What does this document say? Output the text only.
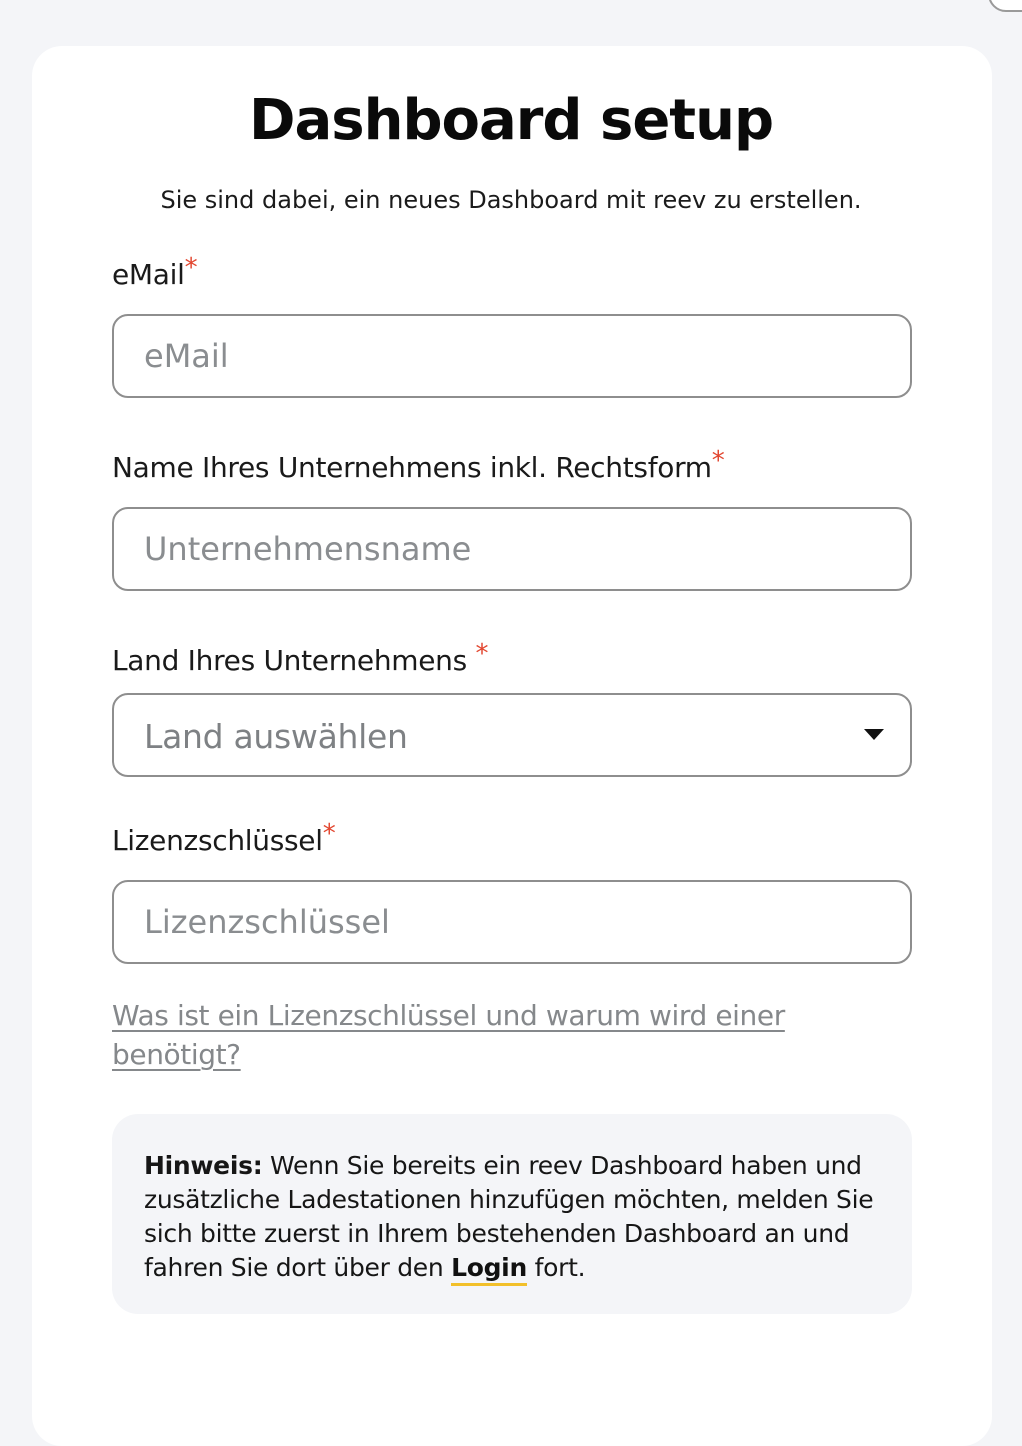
Dashboard setup
Sie sind dabei, ein neues Dashboard mit reev zu erstellen.
eMail*
eMail
Name Ihres Unternehmens inkl. Rechtsform*
Unternehmensname
Land Ihres Unternehmens *
Land auswählen
Lizenzschlüssel*
Lizenzschlüssel
Was ist ein Lizenzschlüssel und warum wird einer benötigt?
Hinweis: Wenn Sie bereits ein reev Dashboard haben und zusätzliche Ladestationen hinzufügen möchten, melden Sie sich bitte zuerst in Ihrem bestehenden Dashboard an und fahren Sie dort über den Login fort.
